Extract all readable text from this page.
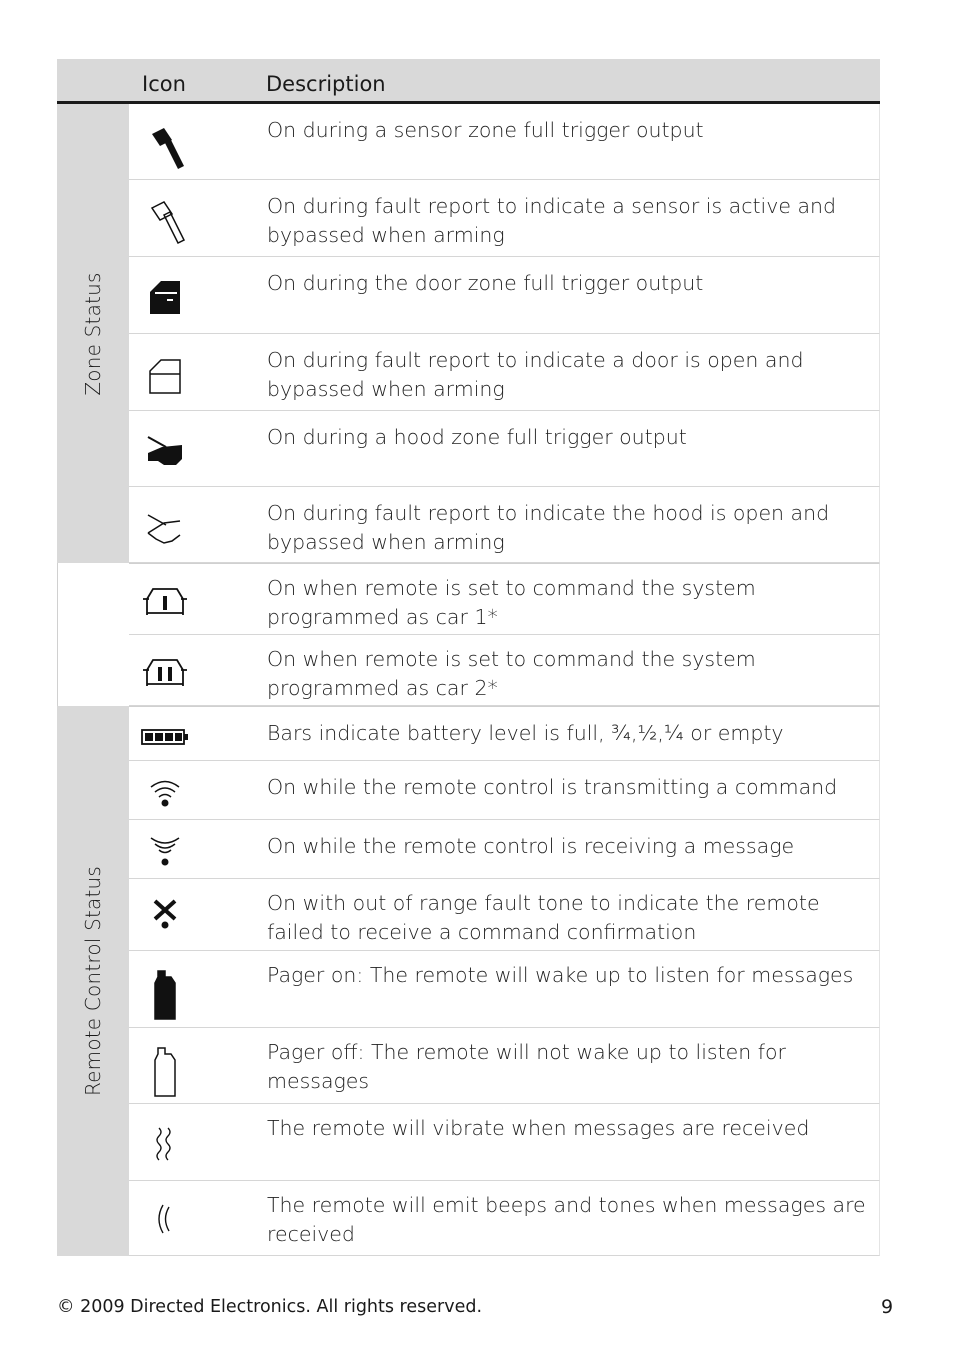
Icon	Description
Zone Status
Remote Control Status
On during a sensor zone full trigger output
On during fault report to indicate a sensor is active and bypassed when arming
On during the door zone full trigger output
On during fault report to indicate a door is open and bypassed when arming
On during a hood zone full trigger output
On during fault report to indicate the hood is open and bypassed when arming
On when remote is set to command the system programmed as car 1*
On when remote is set to command the system programmed as car 2*
Bars indicate battery level is full, ¾,½,¼ or empty
On while the remote control is transmitting a command
On while the remote control is receiving a message
On with out of range fault tone to indicate the remote failed to receive a command confirmation
Pager on: The remote will wake up to listen for messages
Pager off: The remote will not wake up to listen for messages
The remote will vibrate when messages are received
The remote will emit beeps and tones when messages are received
© 2009 Directed Electronics. All rights reserved.	9
